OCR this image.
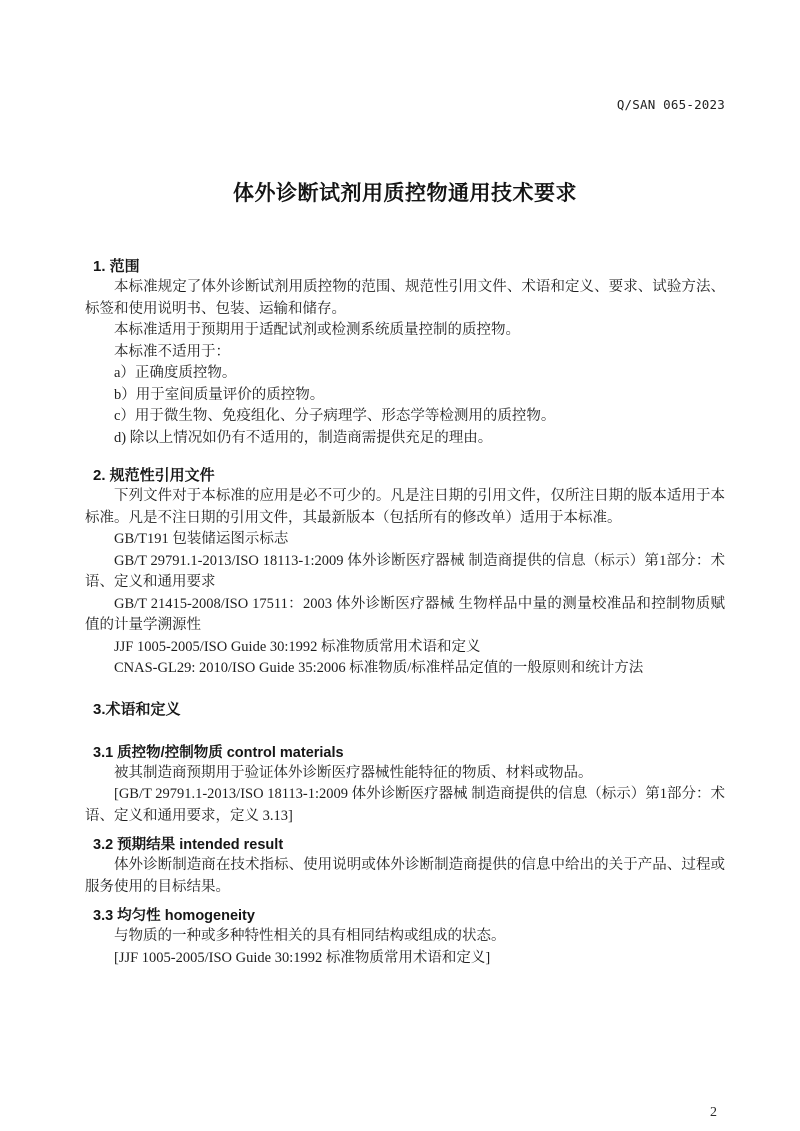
Q/SAN 065-2023
体外诊断试剂用质控物通用技术要求
1. 范围

本标准规定了体外诊断试剂用质控物的范围、规范性引用文件、术语和定义、要求、试验方法、标签和使用说明书、包装、运输和储存。

本标准适用于预期用于适配试剂或检测系统质量控制的质控物。

本标准不适用于：

a）正确度质控物。

b）用于室间质量评价的质控物。

c）用于微生物、免疫组化、分子病理学、形态学等检测用的质控物。

d) 除以上情况如仍有不适用的，制造商需提供充足的理由。

2. 规范性引用文件

下列文件对于本标准的应用是必不可少的。凡是注日期的引用文件，仅所注日期的版本适用于本标准。凡是不注日期的引用文件，其最新版本（包括所有的修改单）适用于本标准。

GB/T191 包装储运图示标志

GB/T 29791.1-2013/ISO 18113-1:2009 体外诊断医疗器械 制造商提供的信息（标示）第1部分：术语、定义和通用要求

GB/T 21415-2008/ISO 17511：2003 体外诊断医疗器械 生物样品中量的测量校准品和控制物质赋值的计量学溯源性

JJF 1005-2005/ISO Guide 30:1992 标准物质常用术语和定义

CNAS-GL29: 2010/ISO Guide 35:2006 标准物质/标准样品定值的一般原则和统计方法

3.术语和定义
3.1 质控物/控制物质 control materials

被其制造商预期用于验证体外诊断医疗器械性能特征的物质、材料或物品。

[GB/T 29791.1-2013/ISO 18113-1:2009 体外诊断医疗器械 制造商提供的信息（标示）第1部分：术语、定义和通用要求，定义 3.13]

3.2 预期结果 intended result

体外诊断制造商在技术指标、使用说明或体外诊断制造商提供的信息中给出的关于产品、过程或服务使用的目标结果。

3.3 均匀性 homogeneity

与物质的一种或多种特性相关的具有相同结构或组成的状态。

[JJF 1005-2005/ISO Guide 30:1992 标准物质常用术语和定义]

2
